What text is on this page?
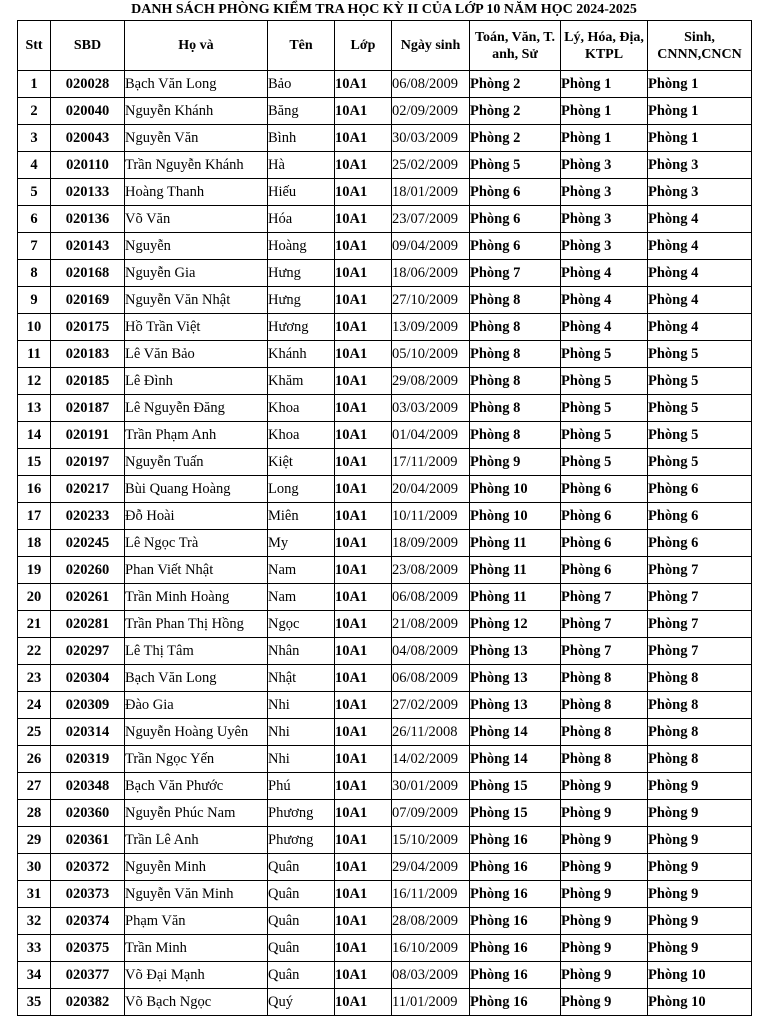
DANH SÁCH PHÒNG KIỂM TRA HỌC KỲ II CỦA LỚP 10 NĂM HỌC 2024-2025
Stt	SBD	Họ và	Tên	Lớp	Ngày sinh	Toán, Văn, T. anh, Sử	Lý, Hóa, Địa, KTPL	Sinh, CNNN,CNCN
1	020028	Bạch Văn Long	Bảo	10A1	06/08/2009	Phòng 2	Phòng 1	Phòng 1
2	020040	Nguyễn Khánh	Băng	10A1	02/09/2009	Phòng 2	Phòng 1	Phòng 1
3	020043	Nguyễn Văn	Bình	10A1	30/03/2009	Phòng 2	Phòng 1	Phòng 1
4	020110	Trần Nguyễn Khánh	Hà	10A1	25/02/2009	Phòng 5	Phòng 3	Phòng 3
5	020133	Hoàng Thanh	Hiếu	10A1	18/01/2009	Phòng 6	Phòng 3	Phòng 3
6	020136	Võ Văn	Hóa	10A1	23/07/2009	Phòng 6	Phòng 3	Phòng 4
7	020143	Nguyễn	Hoàng	10A1	09/04/2009	Phòng 6	Phòng 3	Phòng 4
8	020168	Nguyễn Gia	Hưng	10A1	18/06/2009	Phòng 7	Phòng 4	Phòng 4
9	020169	Nguyễn Văn Nhật	Hưng	10A1	27/10/2009	Phòng 8	Phòng 4	Phòng 4
10	020175	Hồ Trần Việt	Hương	10A1	13/09/2009	Phòng 8	Phòng 4	Phòng 4
11	020183	Lê Văn Bảo	Khánh	10A1	05/10/2009	Phòng 8	Phòng 5	Phòng 5
12	020185	Lê Đình	Khăm	10A1	29/08/2009	Phòng 8	Phòng 5	Phòng 5
13	020187	Lê Nguyễn Đăng	Khoa	10A1	03/03/2009	Phòng 8	Phòng 5	Phòng 5
14	020191	Trần Phạm Anh	Khoa	10A1	01/04/2009	Phòng 8	Phòng 5	Phòng 5
15	020197	Nguyễn Tuấn	Kiệt	10A1	17/11/2009	Phòng 9	Phòng 5	Phòng 5
16	020217	Bùi Quang Hoàng	Long	10A1	20/04/2009	Phòng 10	Phòng 6	Phòng 6
17	020233	Đỗ Hoài	Miên	10A1	10/11/2009	Phòng 10	Phòng 6	Phòng 6
18	020245	Lê Ngọc Trà	My	10A1	18/09/2009	Phòng 11	Phòng 6	Phòng 6
19	020260	Phan Viết Nhật	Nam	10A1	23/08/2009	Phòng 11	Phòng 6	Phòng 7
20	020261	Trần Minh Hoàng	Nam	10A1	06/08/2009	Phòng 11	Phòng 7	Phòng 7
21	020281	Trần Phan Thị Hồng	Ngọc	10A1	21/08/2009	Phòng 12	Phòng 7	Phòng 7
22	020297	Lê Thị Tâm	Nhân	10A1	04/08/2009	Phòng 13	Phòng 7	Phòng 7
23	020304	Bạch Văn Long	Nhật	10A1	06/08/2009	Phòng 13	Phòng 8	Phòng 8
24	020309	Đào Gia	Nhi	10A1	27/02/2009	Phòng 13	Phòng 8	Phòng 8
25	020314	Nguyễn Hoàng Uyên	Nhi	10A1	26/11/2008	Phòng 14	Phòng 8	Phòng 8
26	020319	Trần Ngọc Yến	Nhi	10A1	14/02/2009	Phòng 14	Phòng 8	Phòng 8
27	020348	Bạch Văn Phước	Phú	10A1	30/01/2009	Phòng 15	Phòng 9	Phòng 9
28	020360	Nguyễn Phúc Nam	Phương	10A1	07/09/2009	Phòng 15	Phòng 9	Phòng 9
29	020361	Trần Lê Anh	Phương	10A1	15/10/2009	Phòng 16	Phòng 9	Phòng 9
30	020372	Nguyễn Minh	Quân	10A1	29/04/2009	Phòng 16	Phòng 9	Phòng 9
31	020373	Nguyễn Văn Minh	Quân	10A1	16/11/2009	Phòng 16	Phòng 9	Phòng 9
32	020374	Phạm Văn	Quân	10A1	28/08/2009	Phòng 16	Phòng 9	Phòng 9
33	020375	Trần Minh	Quân	10A1	16/10/2009	Phòng 16	Phòng 9	Phòng 9
34	020377	Võ Đại Mạnh	Quân	10A1	08/03/2009	Phòng 16	Phòng 9	Phòng 10
35	020382	Võ Bạch Ngọc	Quý	10A1	11/01/2009	Phòng 16	Phòng 9	Phòng 10
